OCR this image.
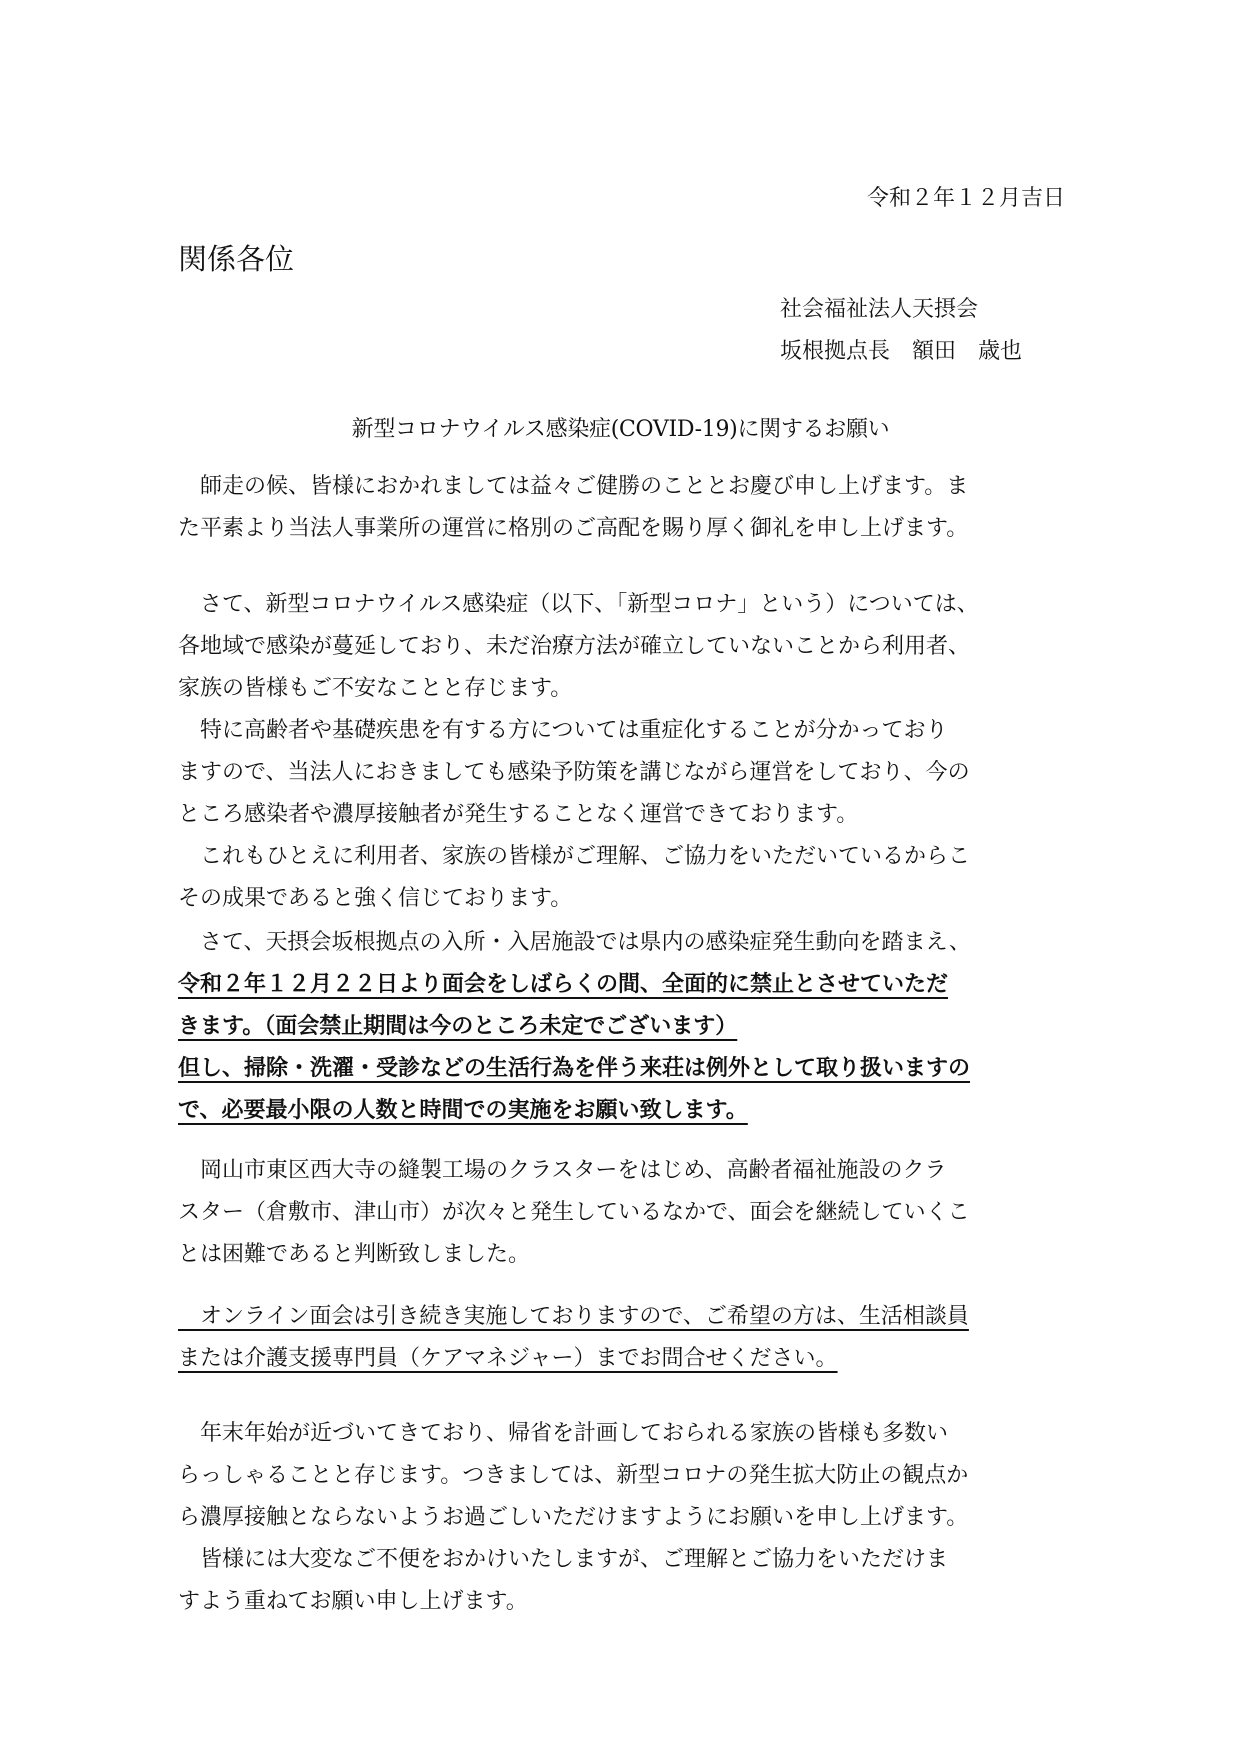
令和２年１２月吉日
関係各位
社会福祉法人天摂会
坂根拠点長　額田　歳也
新型コロナウイルス感染症(COVID-19)に関するお願い
　師走の候、皆様におかれましては益々ご健勝のこととお慶び申し上げます。ま
た平素より当法人事業所の運営に格別のご高配を賜り厚く御礼を申し上げます。
　さて、新型コロナウイルス感染症（以下、「新型コロナ」という）については、
各地域で感染が蔓延しており、未だ治療方法が確立していないことから利用者、
家族の皆様もご不安なことと存じます。
　特に高齢者や基礎疾患を有する方については重症化することが分かっており
ますので、当法人におきましても感染予防策を講じながら運営をしており、今の
ところ感染者や濃厚接触者が発生することなく運営できております。
　これもひとえに利用者、家族の皆様がご理解、ご協力をいただいているからこ
その成果であると強く信じております。
　さて、天摂会坂根拠点の入所・入居施設では県内の感染症発生動向を踏まえ、
令和２年１２月２２日より面会をしばらくの間、全面的に禁止とさせていただ
きます。（面会禁止期間は今のところ未定でございます）
但し、掃除・洗濯・受診などの生活行為を伴う来荘は例外として取り扱いますの
で、必要最小限の人数と時間での実施をお願い致します。
　岡山市東区西大寺の縫製工場のクラスターをはじめ、高齢者福祉施設のクラ
スター（倉敷市、津山市）が次々と発生しているなかで、面会を継続していくこ
とは困難であると判断致しました。
　オンライン面会は引き続き実施しておりますので、ご希望の方は、生活相談員
または介護支援専門員（ケアマネジャー）までお問合せください。
　年末年始が近づいてきており、帰省を計画しておられる家族の皆様も多数い
らっしゃることと存じます。つきましては、新型コロナの発生拡大防止の観点か
ら濃厚接触とならないようお過ごしいただけますようにお願いを申し上げます。
　皆様には大変なご不便をおかけいたしますが、ご理解とご協力をいただけま
すよう重ねてお願い申し上げます。
